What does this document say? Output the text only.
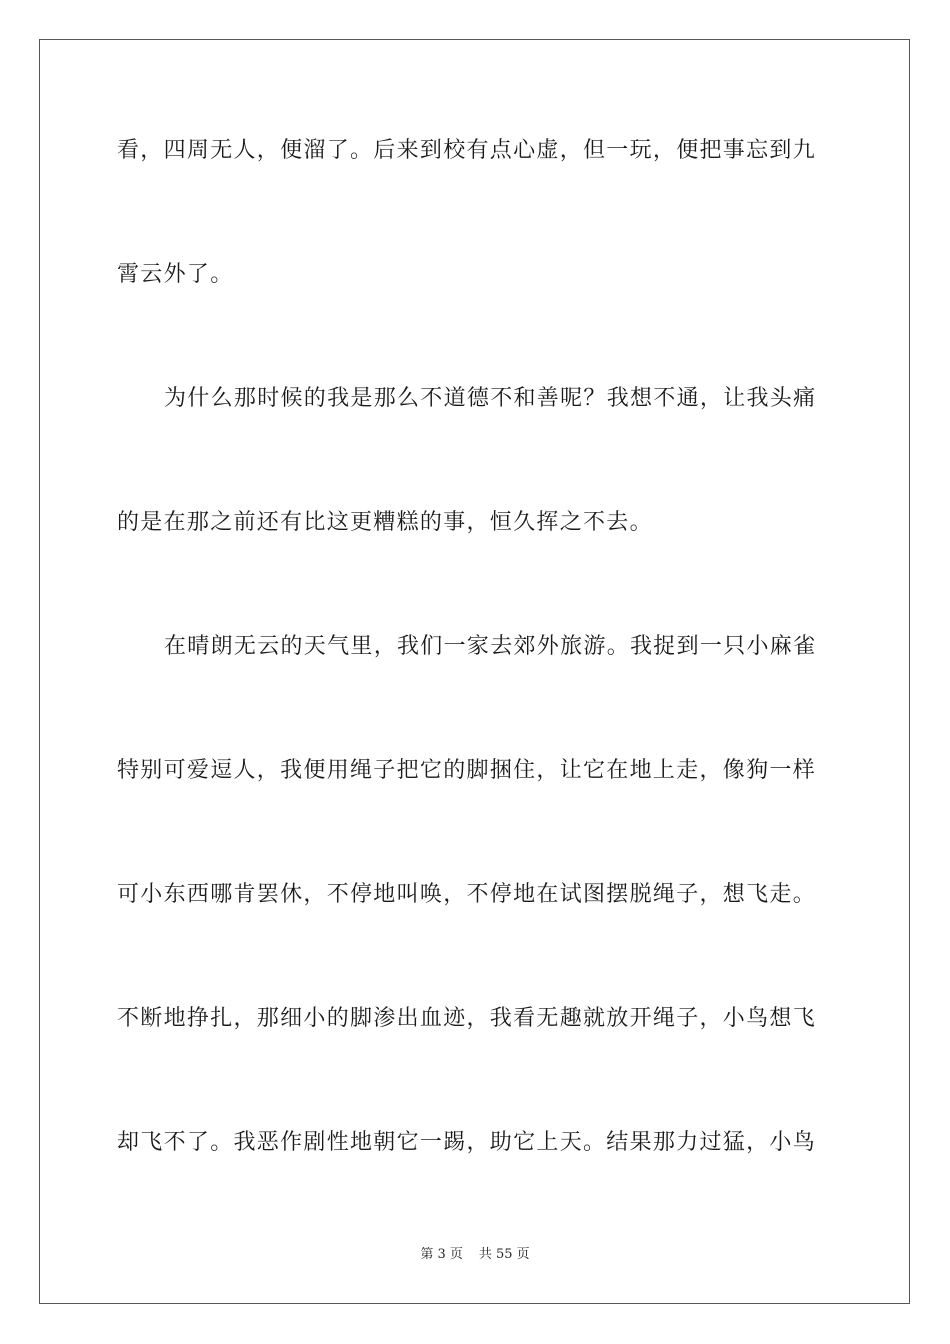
看，四周无人，便溜了。后来到校有点心虚，但一玩，便把事忘到九
霄云外了。
为什么那时候的我是那么不道德不和善呢？我想不通，让我头痛
的是在那之前还有比这更糟糕的事，恒久挥之不去。
在晴朗无云的天气里，我们一家去郊外旅游。我捉到一只小麻雀
特别可爱逗人，我便用绳子把它的脚捆住，让它在地上走，像狗一样
可小东西哪肯罢休，不停地叫唤，不停地在试图摆脱绳子，想飞走。
不断地挣扎，那细小的脚渗出血迹，我看无趣就放开绳子，小鸟想飞
却飞不了。我恶作剧性地朝它一踢，助它上天。结果那力过猛，小鸟
第 3 页 共 55 页
